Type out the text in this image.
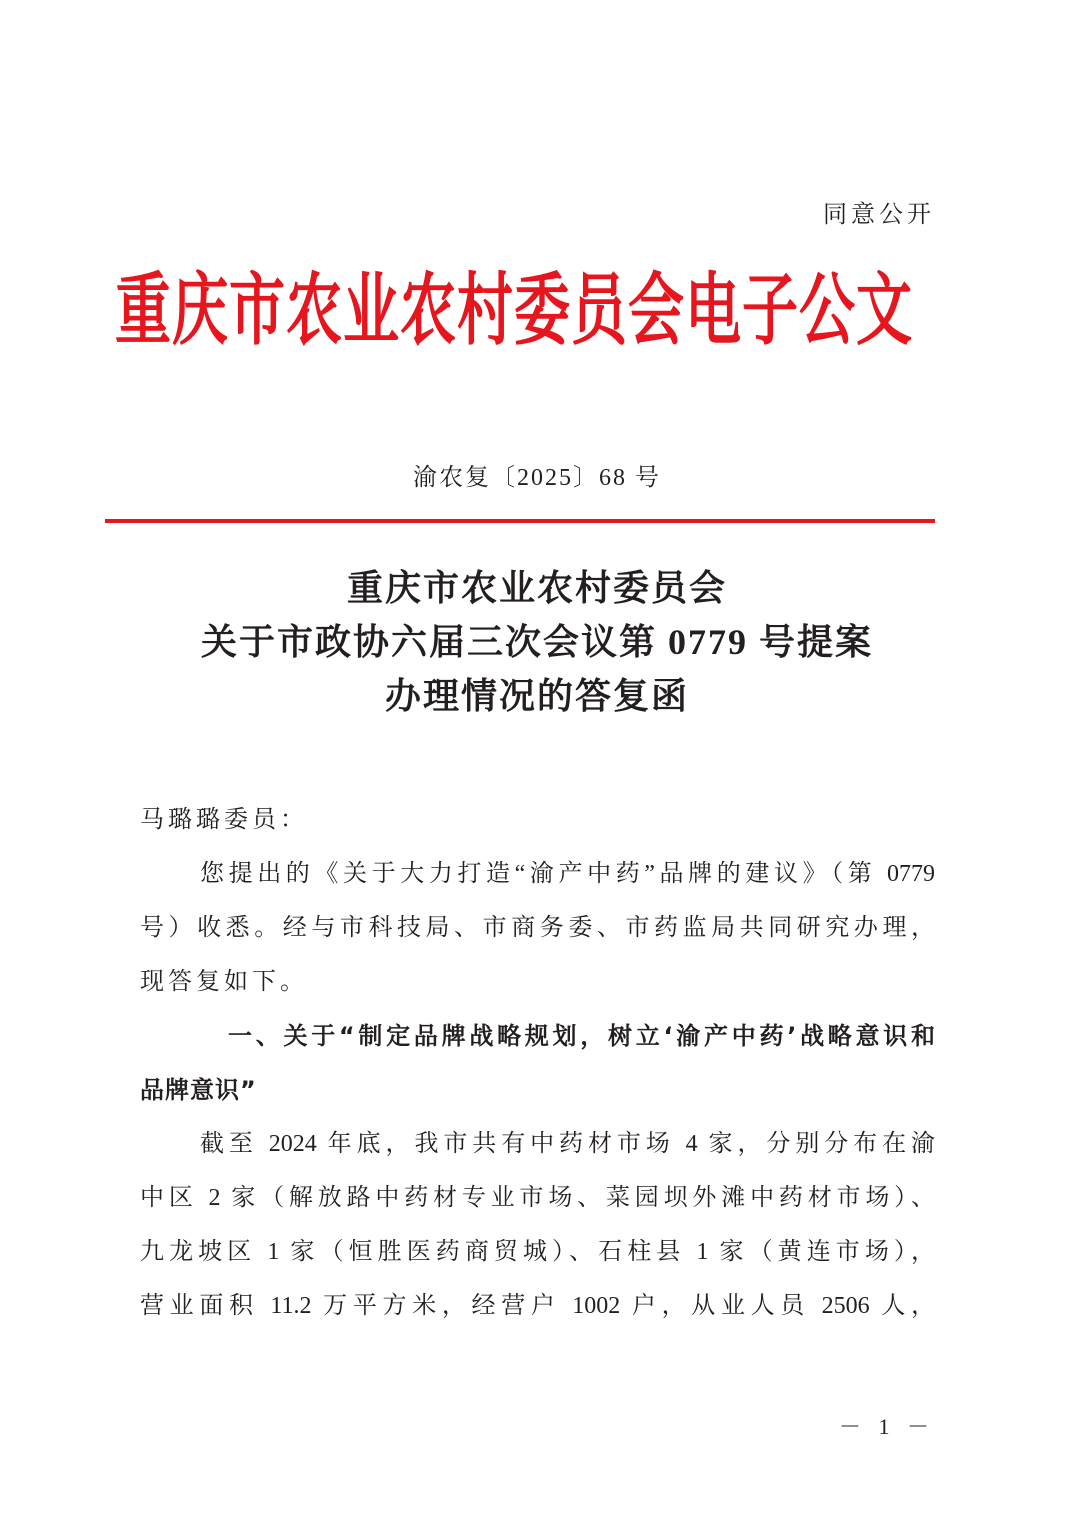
同意公开
重庆市农业农村委员会电子公文
渝农复〔2025〕68 号
重庆市农业农村委员会
关于市政协六届三次会议第 0779 号提案
办理情况的答复函
马璐璐委员：
您提出的《关于大力打造“渝产中药”品牌的建议》（第 0779
号）收悉。经与市科技局、市商务委、市药监局共同研究办理，
现答复如下。
一、关于“制定品牌战略规划，树立‘渝产中药’战略意识和
品牌意识”
截至 2024 年底，我市共有中药材市场 4 家，分别分布在渝
中区 2 家（解放路中药材专业市场、菜园坝外滩中药材市场）、
九龙坡区 1 家（恒胜医药商贸城）、石柱县 1 家（黄连市场），
营业面积 11.2 万平方米，经营户 1002 户，从业人员 2506 人，
－ 1 －
